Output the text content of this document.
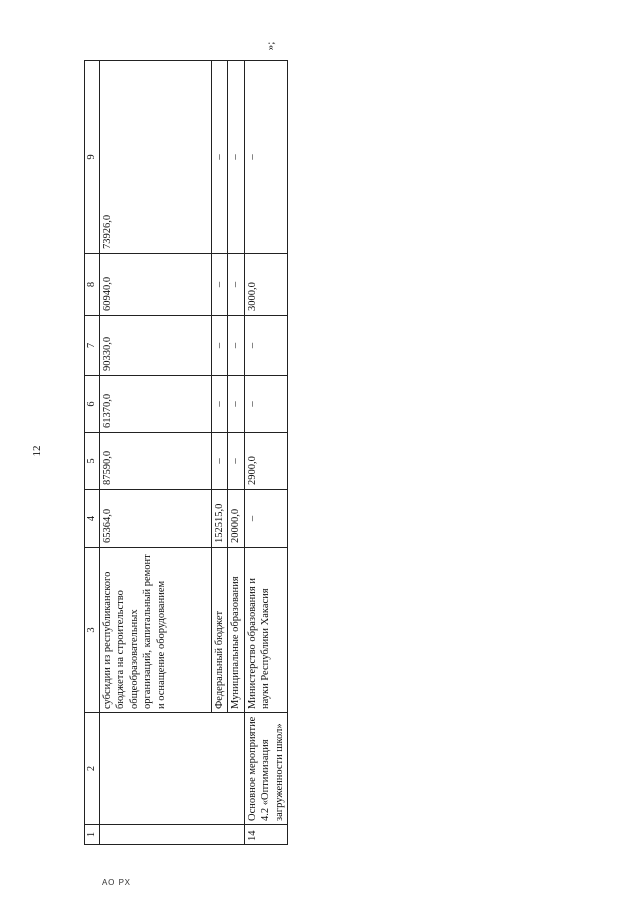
12
»;
АО РХ
1	2	3	4	5	6	7	8	9
		субсидии из республиканского бюджета на строительство общеобразовательных организаций, капитальный ремонт и оснащение оборудованием	65364,0	87590,0	61370,0	90330,0	60940,0	73926,0
		Федеральный бюджет	152515,0	–	–	–	–	–
		Муниципальные образования	20000,0	–	–	–	–	–
14	Основное мероприятие 4.2 «Оптимизация загруженности школ»	Министерство образования и науки Республики Хакасия	–	2900,0	–	–	3000,0	–
